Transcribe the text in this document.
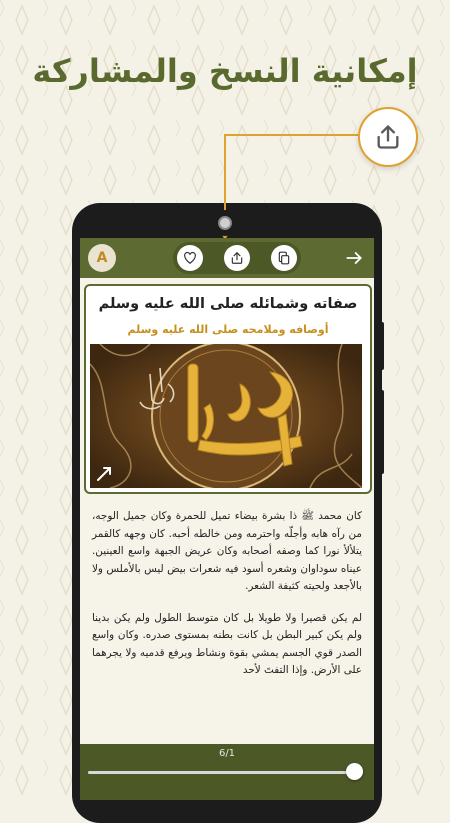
إمكانية النسخ والمشاركة
A
صفاته وشمائله صلى الله عليه وسلم
أوصافه وملامحه صلى الله عليه وسلم

كان محمد ﷺ ذا بشرة بيضاء تميل للحمرة وكان جميل الوجه، من رآه هابه وأجلّه واحترمه ومن خالطه أحبه. كان وجهه كالقمر يتلألأ نورا كما وصفه أصحابه وكان عريض الجبهة واسع العينين. عيناه سوداوان وشعره أسود فيه شعرات بيض ليس بالأملس ولا بالأجعد ولحيته كثيفة الشعر.

لم يكن قصيرا ولا طويلا بل كان متوسط الطول ولم يكن بدينا ولم يكن كبير البطن بل كانت بطنه بمستوى صدره. وكان واسع الصدر قوي الجسم يمشي بقوة ونشاط ويرفع قدميه ولا يجرهما على الأرض. وإذا التفتَ لأحد

6/1
